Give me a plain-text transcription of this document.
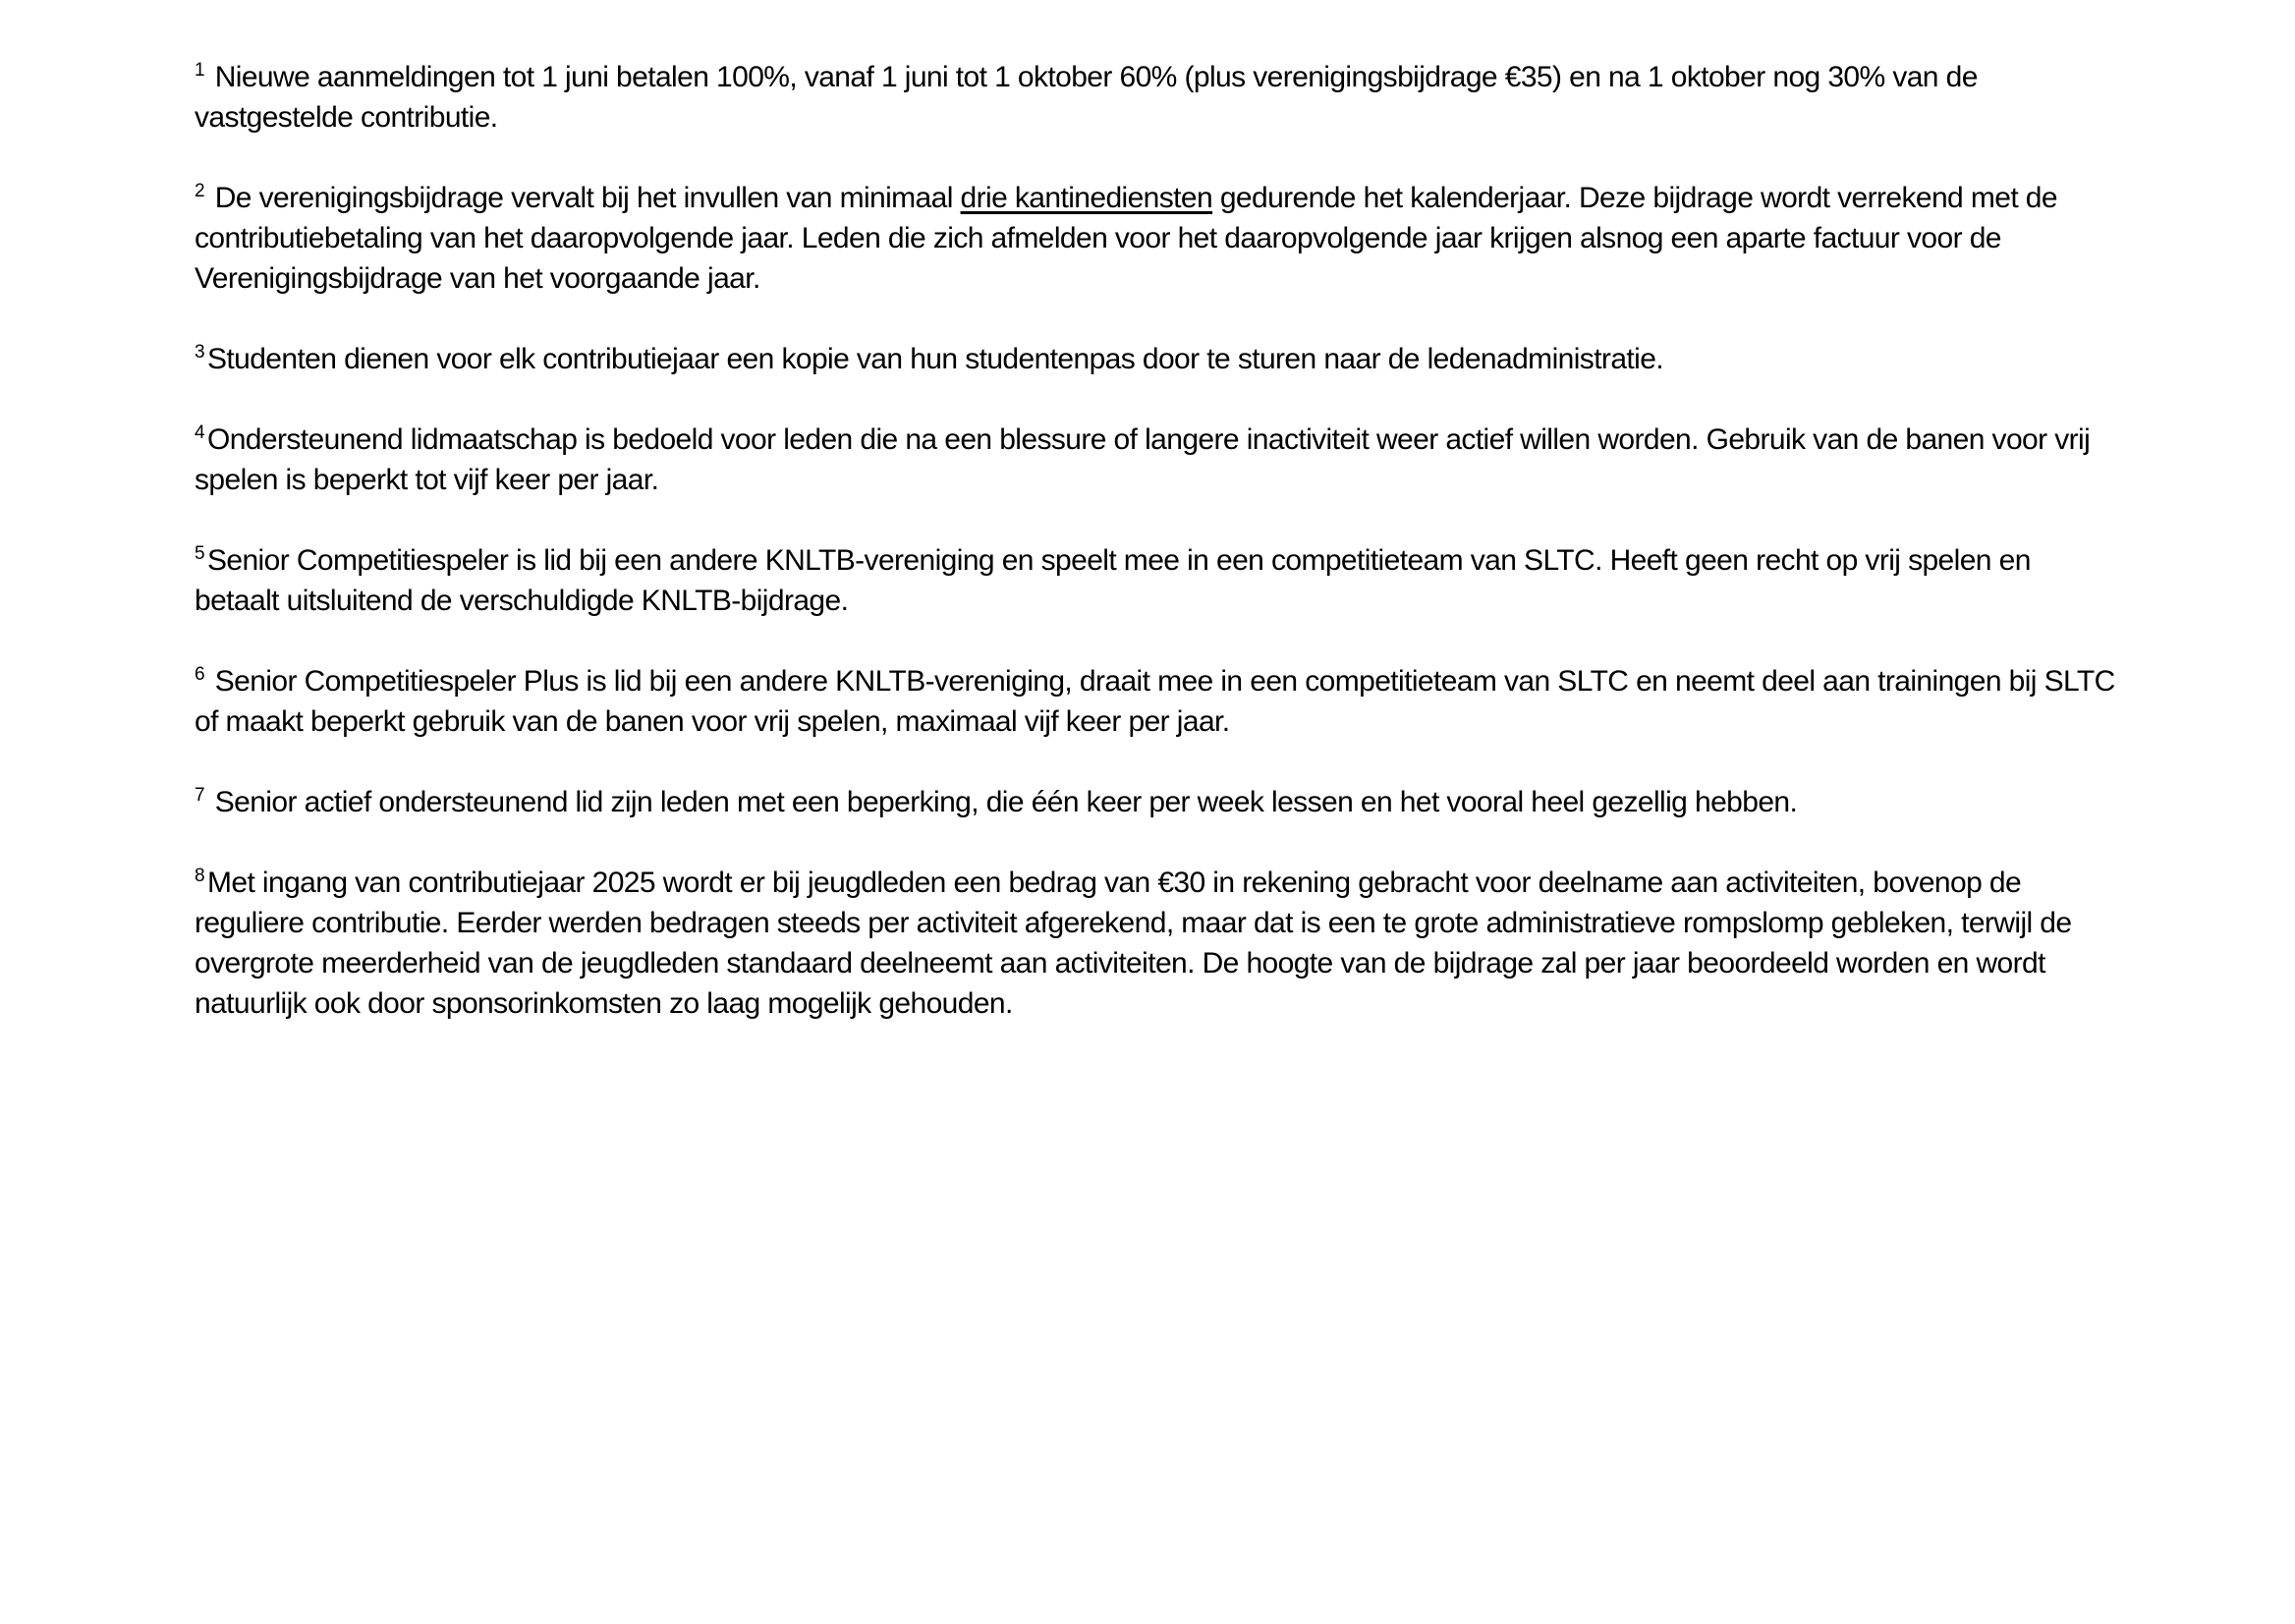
$^1$ Nieuwe aanmeldingen tot 1 juni betalen 100%, vanaf 1 juni tot 1 oktober 60% (plus verenigingsbijdrage €35) en na 1 oktober nog 30% van de vastgestelde contributie.

$^2$ De verenigingsbijdrage vervalt bij het invullen van minimaal drie kantinediensten gedurende het kalenderjaar. Deze bijdrage wordt verrekend met de contributiebetaling van het daaropvolgende jaar. Leden die zich afmelden voor het daaropvolgende jaar krijgen alsnog een aparte factuur voor de Verenigingsbijdrage van het voorgaande jaar.

$^3$ Studenten dienen voor elk contributiejaar een kopie van hun studentenpas door te sturen naar de ledenadministratie.

$^4$ Ondersteunend lidmaatschap is bedoeld voor leden die na een blessure of langere inactiviteit weer actief willen worden. Gebruik van de banen voor vrij spelen is beperkt tot vijf keer per jaar.

$^5$ Senior Competitiespeler is lid bij een andere KNLTB-vereniging en speelt mee in een competitieteam van SLTC. Heeft geen recht op vrij spelen en betaalt uitsluitend de verschuldigde KNLTB-bijdrage.

$^6$ Senior Competitiespeler Plus is lid bij een andere KNLTB-vereniging, draait mee in een competitieteam van SLTC en neemt deel aan trainingen bij SLTC of maakt beperkt gebruik van de banen voor vrij spelen, maximaal vijf keer per jaar.

$^7$ Senior actief ondersteunend lid zijn leden met een beperking, die één keer per week lessen en het vooral heel gezellig hebben.

$^8$ Met ingang van contributiejaar 2025 wordt er bij jeugdleden een bedrag van €30 in rekening gebracht voor deelname aan activiteiten, bovenop de reguliere contributie. Eerder werden bedragen steeds per activiteit afgerekend, maar dat is een te grote administratieve rompslomp gebleken, terwijl de overgrote meerderheid van de jeugdleden standaard deelneemt aan activiteiten. De hoogte van de bijdrage zal per jaar beoordeeld worden en wordt natuurlijk ook door sponsorinkomsten zo laag mogelijk gehouden.
